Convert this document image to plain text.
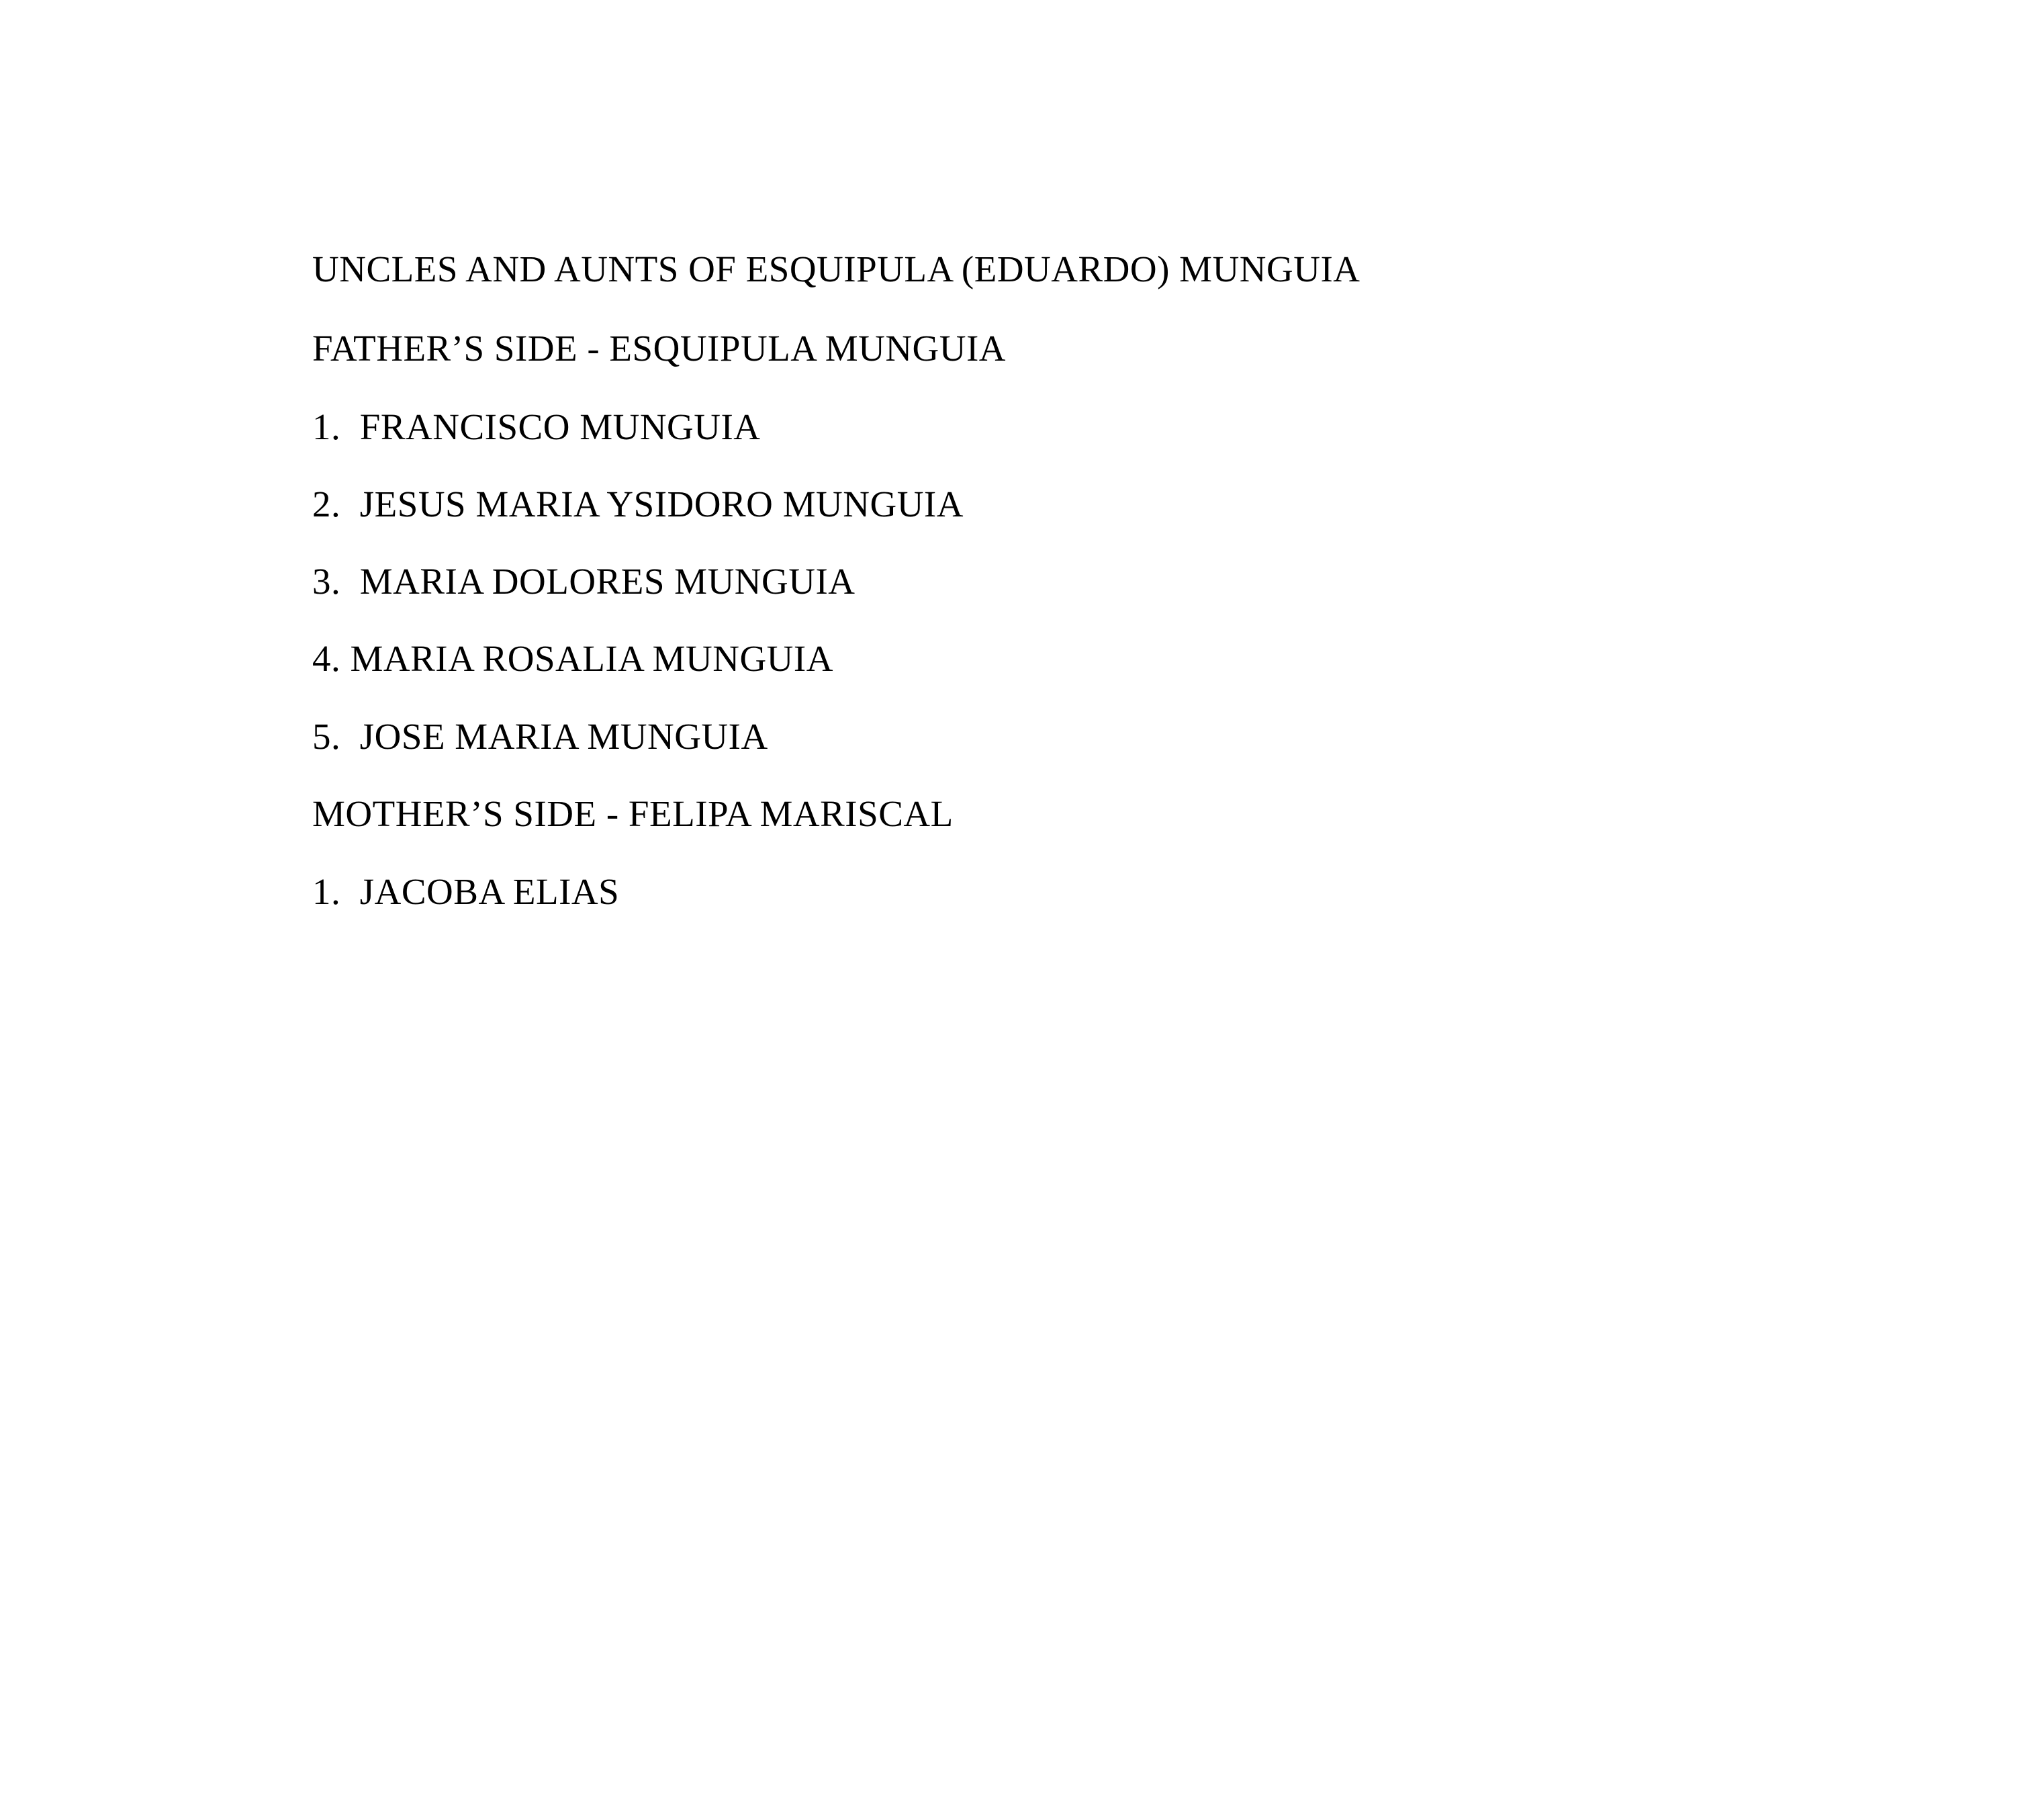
UNCLES AND AUNTS OF ESQUIPULA (EDUARDO) MUNGUIA
FATHER’S SIDE - ESQUIPULA MUNGUIA
1.  FRANCISCO MUNGUIA
2.  JESUS MARIA YSIDORO MUNGUIA
3.  MARIA DOLORES MUNGUIA
4. MARIA ROSALIA MUNGUIA
5.  JOSE MARIA MUNGUIA
MOTHER’S SIDE - FELIPA MARISCAL
1.  JACOBA ELIAS
